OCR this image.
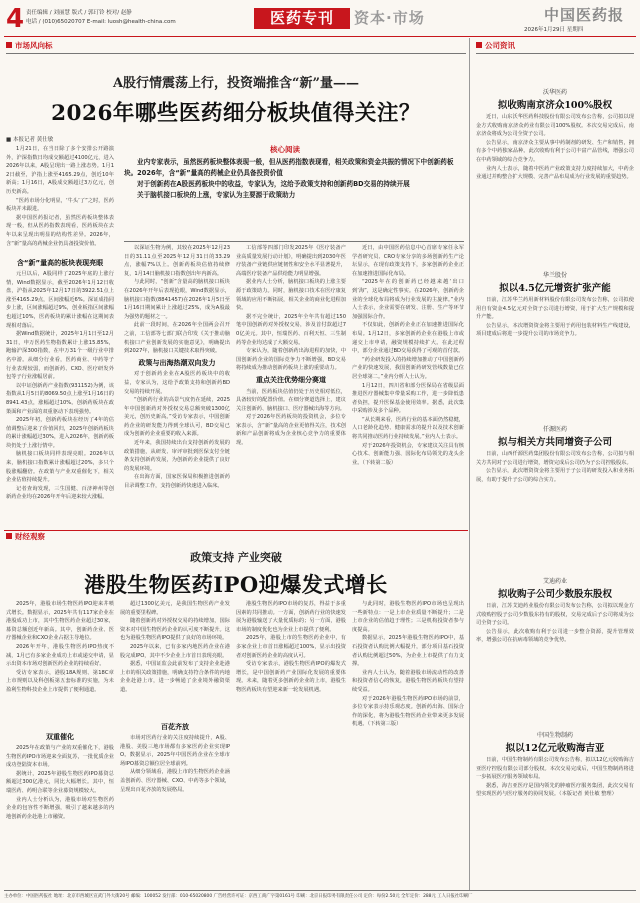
4 责任编辑 / 刘丽慧 版式 / 郭玎铃 校对/ 赵静
电话 / (010)65020707 E-mail: luosh@health-china.com	医药专刊	资本·市场	中国医药报
2026年1月29日 星期四
市场风向标
A股行情震荡上行，投资端推含“新”量——
2026年哪些医药细分板块值得关注？
■ 本报记者 黄仕敏

1月21日，在当日除了多个安排公开路演外，沪深指数日均成交额超过4100亿元，进入2026年以来，A股呈现出一路上涨态势。1月12日截至，沪指上涨至4165.29点，创近10年新高；1月16日，A股成交额超过3万亿元，创历史新高。

“医药市场分化明显，‘牛头’了”之时，医药板块并未跟进。

据中国医药报记者，虽然医药板块整体表现一般，但从医药指数表现看，医药板块在去年以来呈现出明显的结构性差异。2026年，含“新”量高的药械企业仍具备投资价值。

含“新”量高的板块表现亮眼

元旦以后，A股同样了2025年底的上涨行情，Wind数据显示，截至2026年1月12日收盘，沪指从2025年12月17日的3922.51点上涨至4165.29点，区间涨幅近6%。深证成指同步上涨，区间涨幅超过9%，创业板指区间涨幅也超过10%，医药板块的累计涨幅在这期间表现相对落后。

据Wind数据统计，2025年1月1日至12月31日，申万医药生物指数累计上涨15.85%，跑输沪深300指数，在申万31个一级行业中排名中游。从细分行业看，医药商业、中药等子行业表现较弱，而创新药、CXO、医疗研发外包等子行业涨幅居前。

以中证创新药产业指数(931152)为例，该指数从1月5日的8069.50点上涨至1月16日的8941.43点，涨幅超过10%。创新药板块在政策面和产业面的双重驱动下表现强势。

2025年初，创新药板块在经历了4年的估值调整后迎来了价值回归，2025年创新药板块的累计涨幅超过30%，进入2026年，创新药板块仍处于上涨行情中。

脑机接口板块同样表现亮眼。2026年以来，脑机接口指数累计涨幅超过20%，多只个股涨幅翻倍。在政策与产业双重催化下，相关企业估值持续提升。

记者查询发现，三生国健、百济神州等创新药企业均在2026年开年后迎来较大涨幅。

核心阅读

业内专家表示，虽然医药板块整体表现一般，但从医药指数表现看，相关政策和资金共振的情况下中创新药板块。2026年，含“新”量高的药械企业仍具备投资价值

对于创新药在A股医药板块中的收益，专家认为，这给予政策支持和创新药BD交易的持续开展

关于脑机接口板块的上涨，专家认为主要源于政策助力

以深证生物为例，其较在2025年12月23日的31.11点至2025年12月31日的33.29点，涨幅7%以上。创新药板块估值持续修复，1月14日脑机接口指数创出年内新高。

与此同时，“创新”含量高的脑机接口板块在2026年开年后表现抢眼，Wind数据显示，脑机接口指数(8841457)在2026年1月5日至1月16日期间累计上涨超过25%，成为A股最为强势的题材之一。

此前一段时间，在2026年全国两会召开之前，工信部等七部门联合印发《关于推动脑机接口产业创新发展的实施意见》，明确提出到2027年，脑机接口关键技术取得突破。

政策与出海热潮双向发力

对于创新药企业在A股医药板块中的收益，专家认为，这给予政策支持和创新药BD交易的持续开展。

“创新药行业的高景气度仍在延续，2025年中国创新药对外授权交易总额突破1300亿美元，创历史新高。”受访专家表示，中国创新药企业的研发能力得到全球认可，BD交易已成为创新药企业重要的收入来源。

近年来，我国持续出台支持创新药发展的政策措施，从研发、审评审批到医保支付全链条支持创新药发展，为创新药企业提供了良好的发展环境。

在出海方面，国家医保局积极推进创新药目录调整工作，支持创新药快速进入临床。

工信部等四部门印发2025年《医疗装备产业高质量发展行动计划》，明确提出到2030年医疗装备产业链供应链韧性和安全水平显著提升，高端医疗装备产品供给能力明显增强。

据业内人士分析，脑机接口板块的上涨主要源于政策助力。同时，脑机接口技术在医疗康复领域的应用不断拓展，相关企业的商业化进程加快。

据不完全统计，2025年全年共有超过150笔中国创新药对外授权交易，涉及首付款超过70亿美元。其中，恒瑞医药、百利天恒、三生制药等企业均达成了大额交易。

专家认为，随着创新药出海进程的加快，中国创新药企业的国际竞争力不断增强，BD交易将持续成为推动创新药板块上涨的重要动力。

重点关注优势细分赛道

当前，医药板块估值仍处于历史相对低位，具备较好的配置价值。在细分赛道选择上，建议关注创新药、脑机接口、医疗器械出海等方向。

对于2026年医药板块的投资机会，多位专家表示，含“新”量高的企业更值得关注，技术创新和产品创新将成为企业核心竞争力的重要体现。

近日，由中国医药信息中心首席专家任永军学者研究员、CRO专家分享的多场创新药生产论坛显示，在现有政策支持下，多家创新药企业正在加速推进国际化布局。

“2025年在的创新药已经越来越‘出口到’海”，这是确定性事实。在2026年，创新药企业的全球化布局将成为行业发展的主旋律。”业内人士表示，企业需要在研发、注册、生产等环节加强国际合作。

不仅如此，创新药企业正在加速推进国际化布局。1月12日，多家创新药企业在港股上市或递交上市申请，融资规模持续扩大。在此过程中，部分企业通过BD交易获得了可观的首付款。

“药企研发投入的持续增加推动了中国创新药产业的快速发展，我国创新药研发管线数量已位居全球第二。”业内分析人士认为。

1月12日，四川省和部分医保局在省级层面推进医疗器械集中带量采购工作，进一步降低患者负担，提升医保基金使用效率。据悉，此次集中采购涉及多个品种。

“从长期来看，医药行业的基本面仍然稳健，人口老龄化趋势、健康需求的提升以及技术创新将共同推动医药行业持续发展。”业内人士表示。

对于2026年投资机会，专家建议关注具有核心技术、创新能力强、国际化布局领先的龙头企业。（下转第二版）

财经观察
政策支持 产业突破
港股生物医药IPO迎爆发式增长

2025年，港股市场生物医药IPO迎来井喷式增长。数据显示，2025年共有117家企业在港股成功上市，其中生物医药企业超过30家，募资总额创近年新高。其中，创新药企业、医疗器械企业和CXO企业占据主导地位。

2026年开年，港股生物医药IPO热度不减，1月已有多家企业成功上市或递交申请，显示出资本市场对创新医药企业的持续看好。

受访专家表示，港股18A规则、第18C章上市规则以及科创板第五套标准的实施，为未盈利生物科技企业上市提供了便利通道。

双重催化

2025年在政策与产业的双重催化下，港股生物医药IPO市场迎来全面复苏，一批优质企业成功登陆资本市场。

据统计，2025年港股生物医药IPO募资总额超过300亿港元，同比大幅增长。其中，恒瑞医药、药明合联等企业募资规模较大。

业内人士分析认为，港股市场对生物医药企业的包容性不断增强，吸引了越来越多的内地创新药企赴港上市融资。

超过1300亿美元，是我国生物医药产业发展的重要里程碑。

随着创新药对外授权交易的持续增加，国际资本对中国生物医药企业的认可度不断提升。这也为港股生物医药IPO提供了良好的市场环境。

2025年以来，已有多家内地医药企业在港股完成IPO，其中不少企业上市首日表现亮眼。

据悉，中国证监会此前发布了支持企业赴港上市的相关政策措施，明确支持符合条件的内地企业赴港上市，进一步畅通了企业境外融资渠道。

百花齐放

市场对医药行业的关注度持续提升，A股、港股、美股三地市场都有多家医药企业实现IPO。数据显示，2025年中国医药企业在全球市场IPO募资总额位居全球前列。

从细分领域看，港股上市的生物医药企业涵盖创新药、医疗器械、CXO、中药等多个领域，呈现出百花齐放的发展格局。

港股生物医药IPO市场的复苏，得益于多重因素的共同推动。一方面，创新药行业的快速发展为港股输送了大量优质标的；另一方面，港股市场的制度优化也为企业上市提供了便利。

2025年，港股上市的生物医药企业中，有多家企业上市首日涨幅超过100%，显示出投资者对创新医药企业的高度认可。

受访专家表示，港股生物医药IPO的爆发式增长，是中国创新药产业国际化发展的重要体现。未来，随着更多创新药企业的上市，港股生物医药板块有望迎来新一轮发展机遇。

与此同时，港股生物医药IPO市场也呈现出一些新特点：一是上市企业质量不断提升；二是上市企业的估值趋于理性；三是机构投资者参与度提高。

数据显示，2025年港股生物医药IPO中，基石投资者认购比例大幅提升，部分项目基石投资者认购比例超过50%，为企业上市提供了有力支撑。

业内人士认为，随着港股市场流动性的改善和投资者信心的恢复，港股生物医药板块有望持续受益。

对于2026年港股生物医药IPO市场的前景，多位专家表示持乐观态度。创新药出海、国际合作的深化，将为港股生物医药企业带来更多发展机遇。（下转第三版）

公司资讯
沃华医药
拟收购南京济众100%股权

近日，山东沃华医药科技股份有限公司发布公告称，公司拟以现金方式收购南京济众药业有限公司100%股权。本次交易完成后，南京济众将成为公司全资子公司。

公告显示，南京济众主要从事中药制剂的研发、生产和销售，拥有多个中药独家品种。此次收购有利于公司丰富产品管线，增强公司在中药领域的综合竞争力。

业内人士表示，随着中医药产业政策支持力度持续加大，中药企业通过并购整合扩大规模、完善产品布局成为行业发展的重要趋势。

华兰股份
拟以4.5亿元增资扩张产能

日前，江苏华兰药用新材料股份有限公司发布公告称，公司拟使用自有资金4.5亿元对全资子公司进行增资，用于扩大生产规模和提升产能。

公告显示，本次增资资金将主要用于药用包装材料生产线建设，项目建成后将进一步提升公司的市场竞争力。

仟源医药
拟与相关方共同增资子公司

日前，山西仟源医药集团股份有限公司发布公告称，公司拟与相关方共同对子公司进行增资，增资完成后公司仍为子公司控股股东。

公告显示，此次增资资金将主要用于子公司的研发投入和业务拓展，有助于提升子公司的综合实力。

艾迪药业
拟收购子公司少数股东股权

日前，江苏艾迪药业股份有限公司发布公告称，公司拟以现金方式收购控股子公司少数股东持有的股权，交易完成后子公司将成为公司全资子公司。

公告显示，此次收购有利于公司进一步整合资源，提升管理效率，增强公司在抗病毒领域的竞争优势。

中国生物制药
拟以12亿元收购海吉亚

日前，中国生物制药有限公司发布公告称，拟以12亿元收购海吉亚医疗控股有限公司部分股权。本次交易完成后，中国生物制药将进一步拓展医疗服务领域布局。

据悉，海吉亚医疗是国内领先的肿瘤医疗服务集团，此次交易有望实现医药与医疗服务的协同发展。（本版记者 黄仕敏 整理）

主办单位：中国医药报社 地址：北京市西城区宣武门外大街20号 邮编：100052 发行部：010-65020800 广告经营许可证：京西工商广字第0161号 印刷：北京日报印务有限责任公司 定价：每份2.50元 全年定价：288元 工人日报社印刷厂
